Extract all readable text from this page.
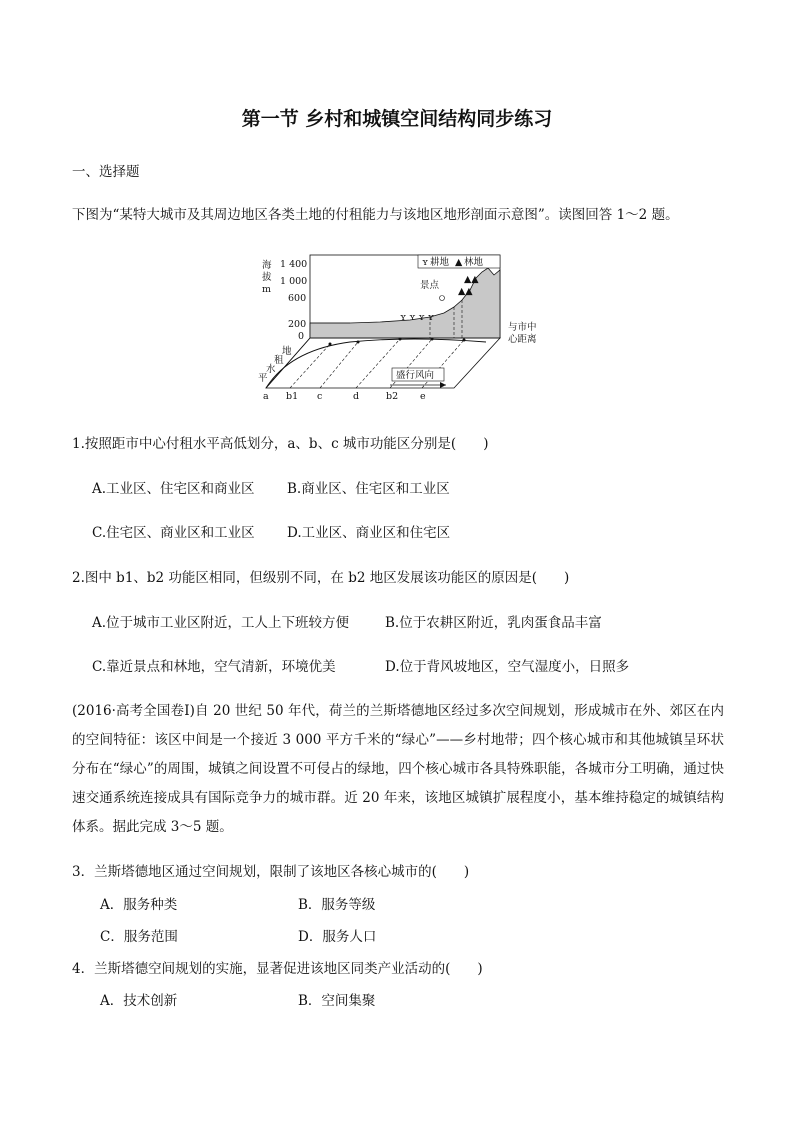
第一节 乡村和城镇空间结构同步练习
一、选择题
下图为“某特大城市及其周边地区各类土地的付租能力与该地区地形剖面示意图”。读图回答 1～2 题。
ʏ ʏ ʏ ʏ
▲▲
▲▲
ʏ 耕地 ▲ 林地
景点
海
拔
m
1 400
1 000
600
200
0
与市中
心距离
地
租
水
平	盛行风向
a b1 c	d	b2 e
1.按照距市中心付租水平高低划分，a、b、c 城市功能区分别是(　　)
A.工业区、住宅区和商业区 B.商业区、住宅区和工业区
C.住宅区、商业区和工业区 D.工业区、商业区和住宅区
2.图中 b1、b2 功能区相同，但级别不同，在 b2 地区发展该功能区的原因是(　　)
A.位于城市工业区附近，工人上下班较方便	B.位于农耕区附近，乳肉蛋食品丰富
C.靠近景点和林地，空气清新，环境优美	D.位于背风坡地区，空气湿度小，日照多
(2016·高考全国卷Ⅰ)自 20 世纪 50 年代，荷兰的兰斯塔德地区经过多次空间规划，形成城市在外、郊区在内的空间特征：该区中间是一个接近 3 000 平方千米的“绿心”——乡村地带；四个核心城市和其他城镇呈环状分布在“绿心”的周围，城镇之间设置不可侵占的绿地，四个核心城市各具特殊职能，各城市分工明确，通过快速交通系统连接成具有国际竞争力的城市群。近 20 年来，该地区城镇扩展程度小，基本维持稳定的城镇结构体系。据此完成 3～5 题。
3．兰斯塔德地区通过空间规划，限制了该地区各核心城市的(　　)
A．服务种类	B．服务等级
C．服务范围	D．服务人口
4．兰斯塔德空间规划的实施，显著促进该地区同类产业活动的(　　)
A．技术创新	B．空间集聚
